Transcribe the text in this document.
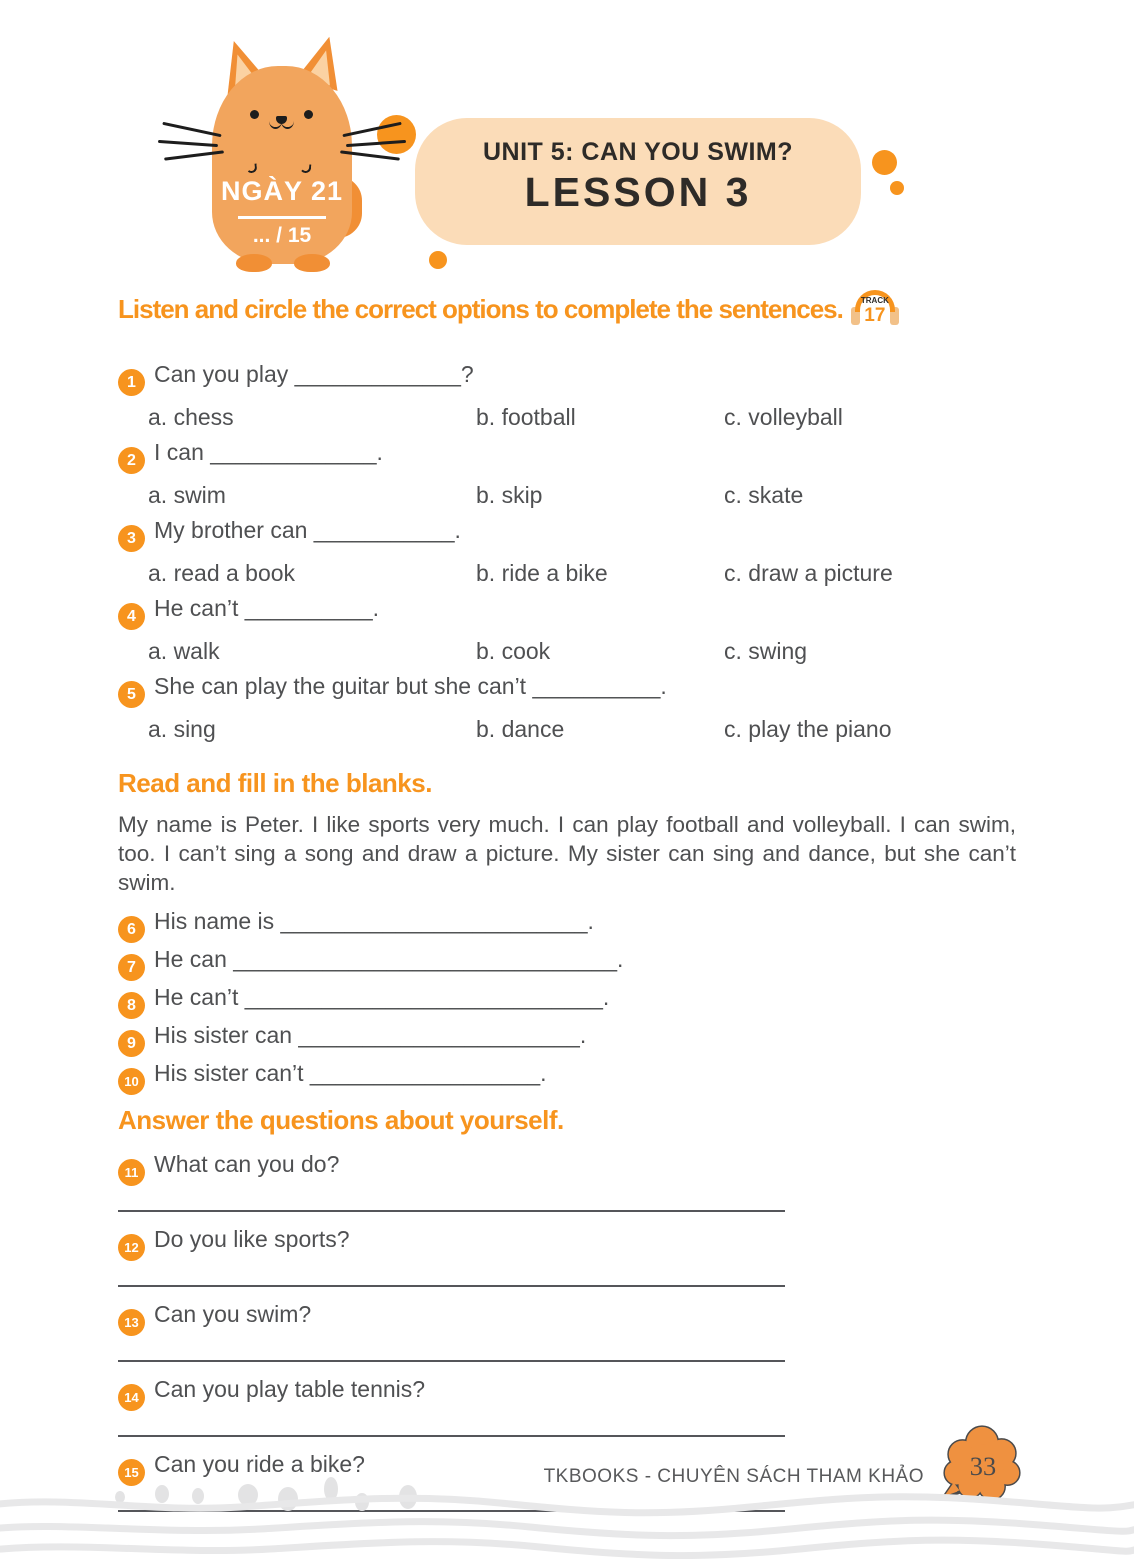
NGÀY 21
... / 15
UNIT 5: CAN YOU SWIM?
LESSON 3
Listen and circle the correct options to complete the sentences.	TRACK
17
1 Can you play _____________?
a. chess	b. football	c. volleyball
2 I can _____________.
a. swim	b. skip	c. skate
3 My brother can ___________.
a. read a book	b. ride a bike	c. draw a picture
4 He can’t __________.
a. walk	b. cook	c. swing
5 She can play the guitar but she can’t __________.
a. sing	b. dance	c. play the piano
Read and fill in the blanks.
My name is Peter. I like sports very much. I can play football and volleyball. I can swim, too. I can’t sing a song and draw a picture. My sister can sing and dance, but she can’t swim.
6 His name is ________________________.
7 He can ______________________________.
8 He can’t ____________________________.
9 His sister can ______________________.
10 His sister can’t __________________.
Answer the questions about yourself.
11 What can you do?
12 Do you like sports?
13 Can you swim?
14 Can you play table tennis?
15 Can you ride a bike?	TKBOOKS - CHUYÊN SÁCH THAM KHẢO 33
